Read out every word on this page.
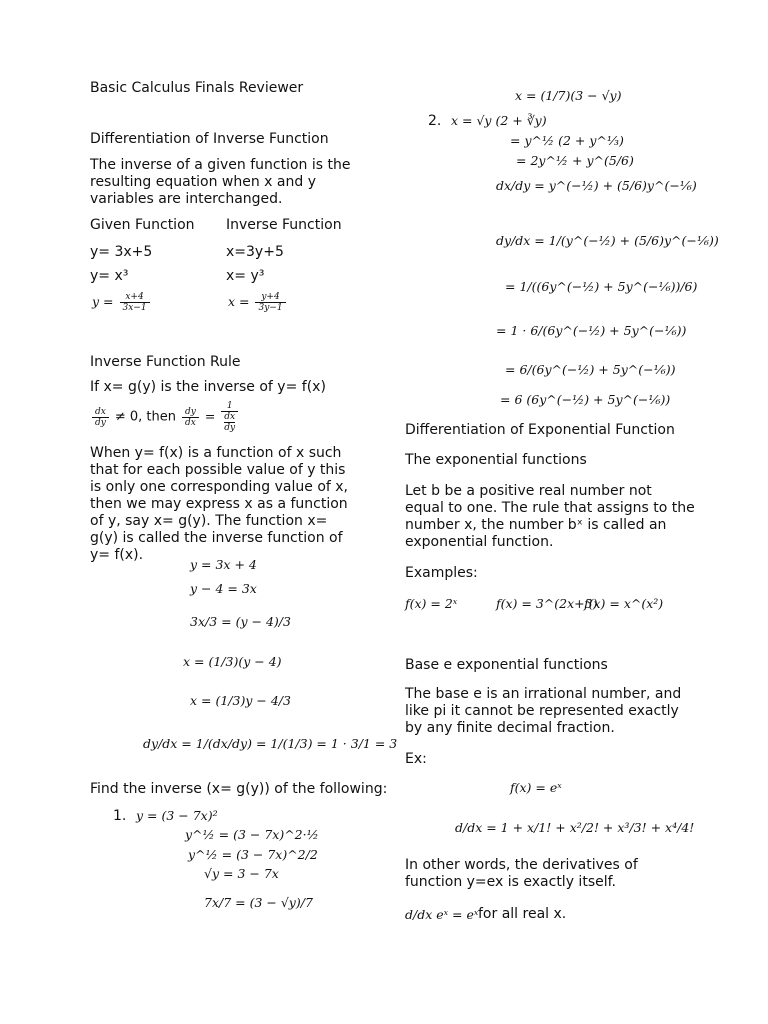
Basic Calculus Finals Reviewer
Differentiation of Inverse Function
The inverse of a given function is the resulting equation when x and y variables are interchanged.
Given Function Inverse Function
y= 3x+5	x=3y+5
y= x³	x= y³
$y = \frac{x+4}{3x-1}$	$x = \frac{y+4}{3y-1}$
Inverse Function Rule
If x= g(y) is the inverse of y= f(x)
$\frac{dx}{dy} \ne 0$, then $\frac{dy}{dx} = 1$
dx
dy
When y= f(x) is a function of x such that for each possible value of y this is only one corresponding value of x, then we may express x as a function of y, say x= g(y). The function x= g(y) is called the inverse function of y= f(x).
y = 3x + 4
y − 4 = 3x
3x/3 = (y − 4)/3
x = (1/3)(y − 4)
x = (1/3)y − 4/3
dy/dx = 1/(dx/dy) = 1/(1/3) = 1 · 3/1 = 3
Find the inverse (x= g(y)) of the following:
1. y = (3 − 7x)²
y^½ = (3 − 7x)^2·½
y^½ = (3 − 7x)^2/2
√y = 3 − 7x
7x/7 = (3 − √y)/7
x = (1/7)(3 − √y)
2. x = √y (2 + ∛y)
= y^½ (2 + y^⅓)
= 2y^½ + y^(5/6)
dx/dy = y^(−½) + (5/6)y^(−⅙)
dy/dx = 1/(y^(−½) + (5/6)y^(−⅙))
= 1/((6y^(−½) + 5y^(−⅙))/6)
= 1 · 6/(6y^(−½) + 5y^(−⅙))
= 6/(6y^(−½) + 5y^(−⅙))
= 6 (6y^(−½) + 5y^(−⅙))
Differentiation of Exponential Function
The exponential functions
Let b be a positive real number not equal to one. The rule that assigns to the number x, the number bˣ is called an exponential function.
Examples:
f(x) = 2ˣ	f(x) = 3^(2x+3)
f(x) = x^(x²)
Base e exponential functions
The base e is an irrational number, and like pi it cannot be represented exactly by any finite decimal fraction.
Ex:
f(x) = eˣ
d/dx = 1 + x/1! + x²/2! + x³/3! + x⁴/4!
In other words, the derivatives of function y=ex is exactly itself.
d/dx eˣ = eˣ for all real x.
